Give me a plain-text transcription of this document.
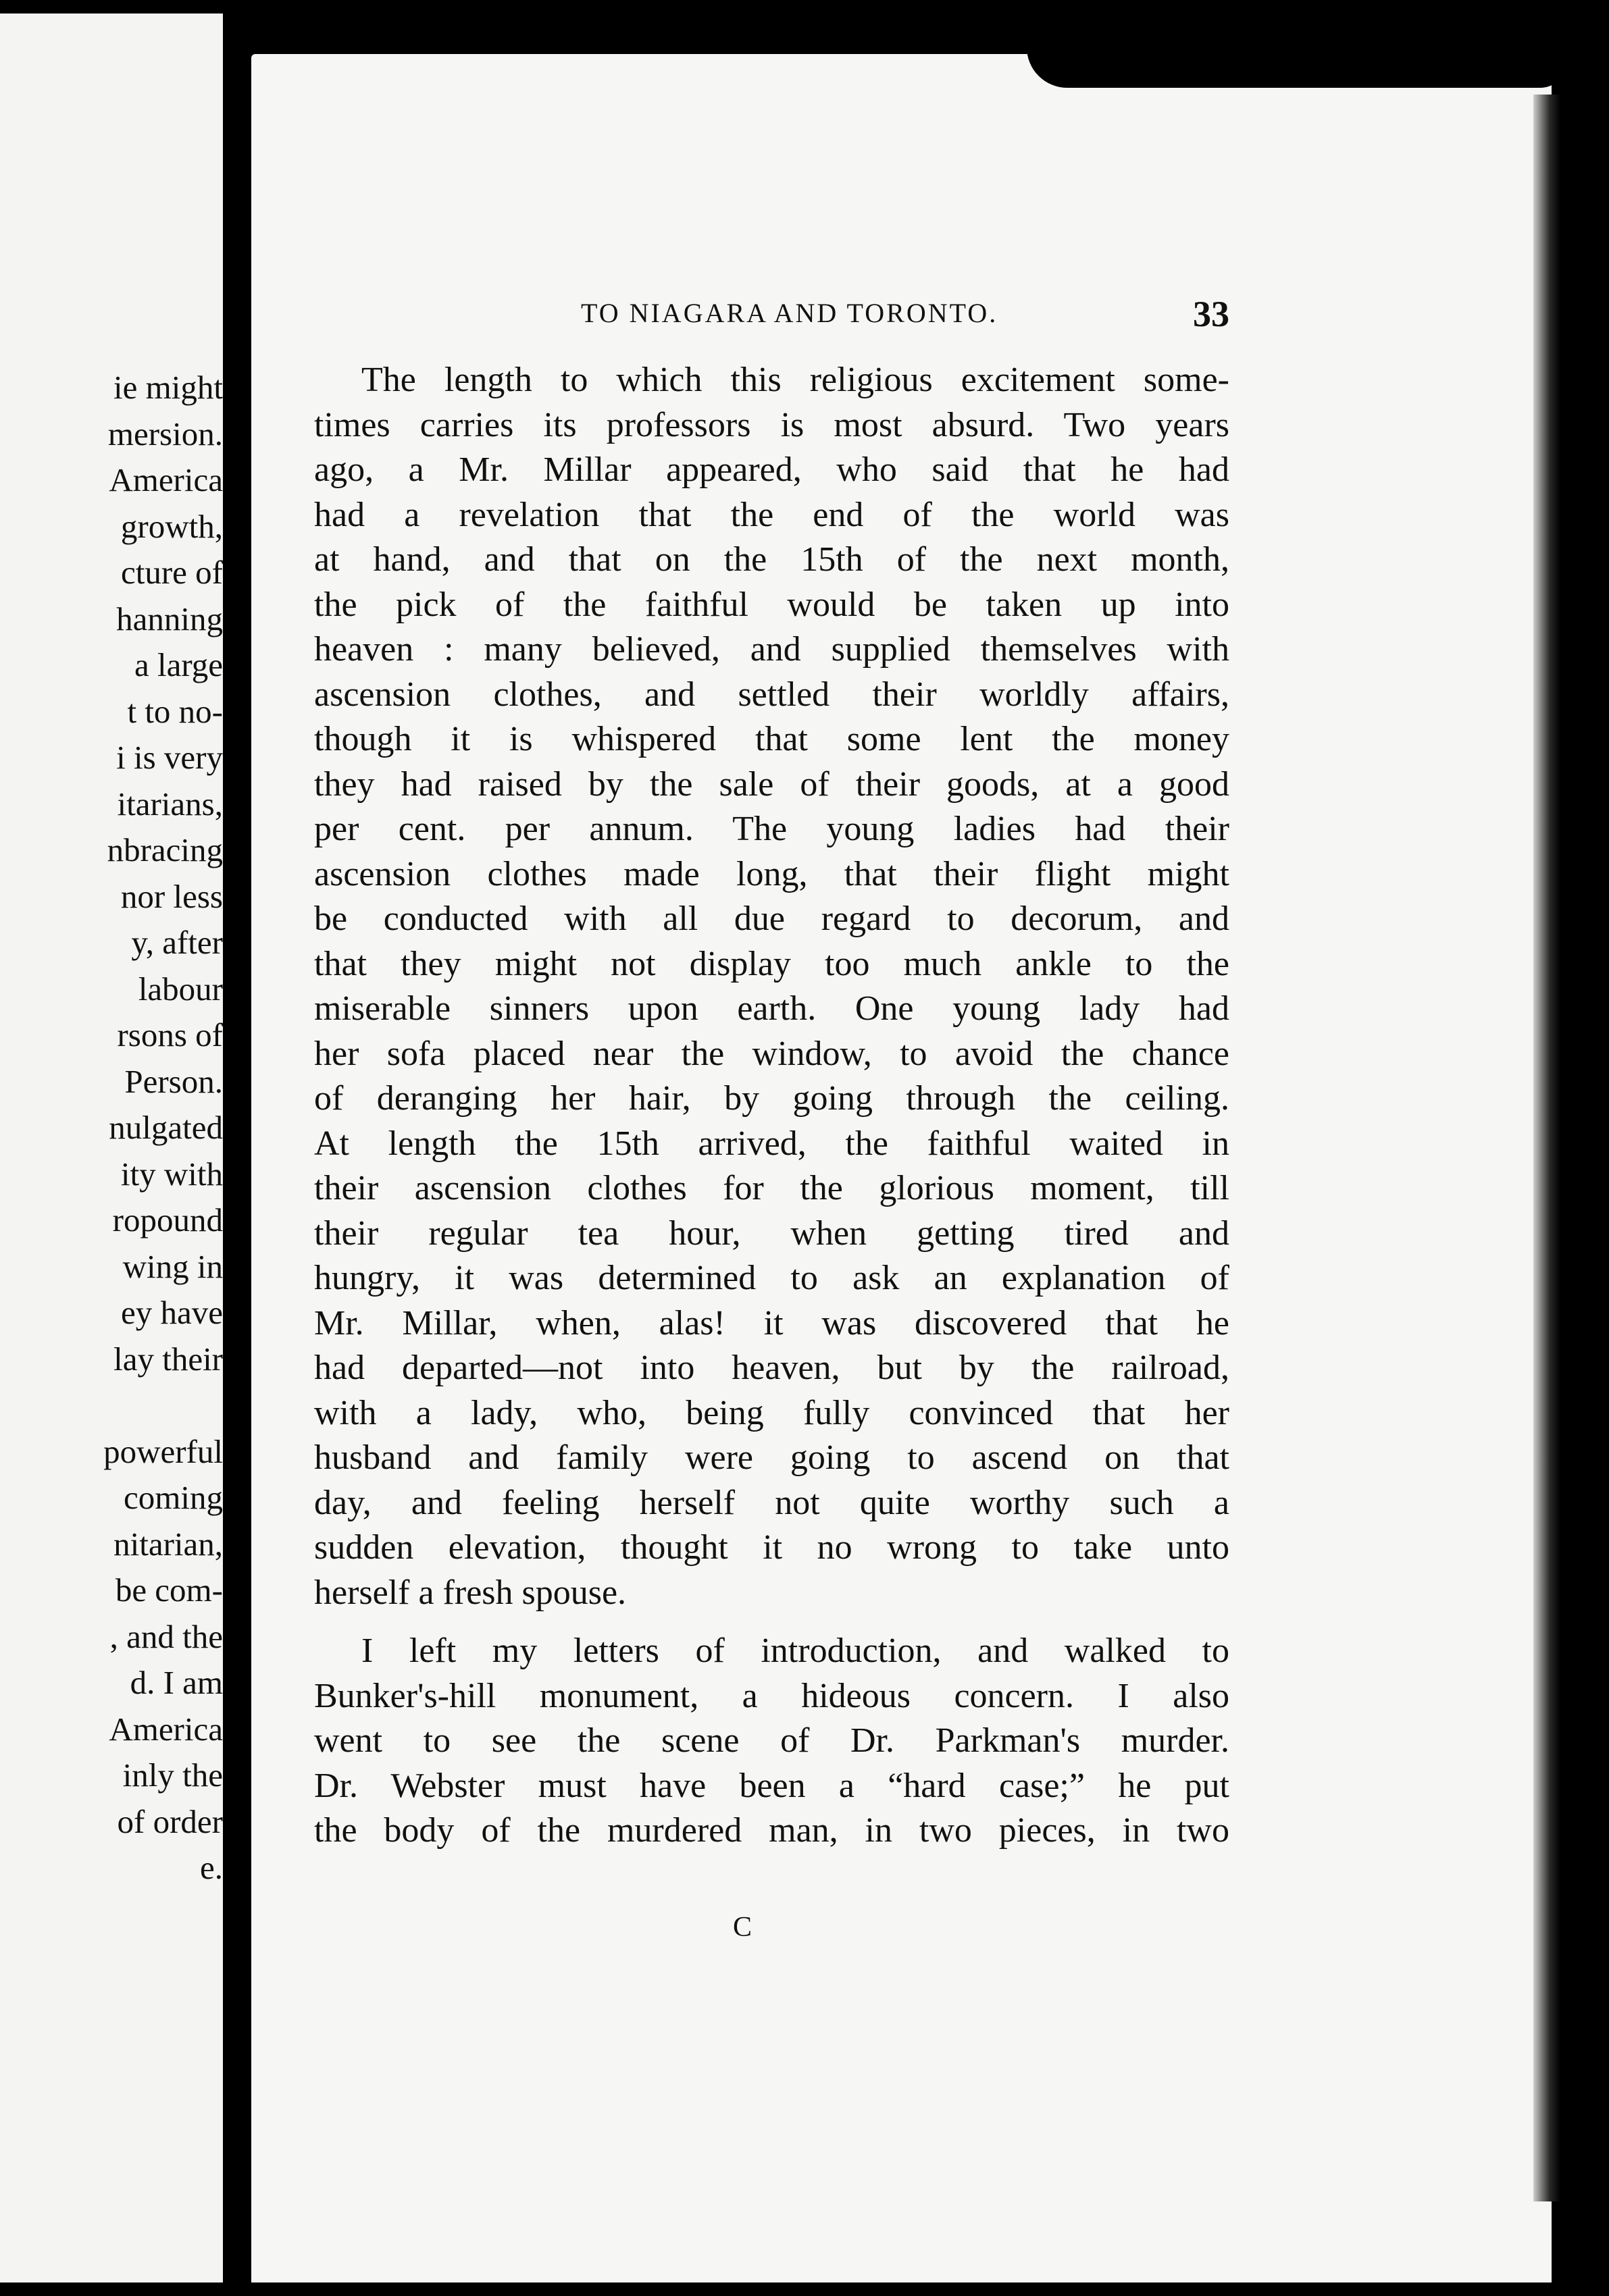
ie might
mersion.
America
growth,
cture of
hanning
a large
t to no-
i is very
itarians,
nbracing
nor less
y, after
labour
rsons of
Person.
nulgated
ity with
ropound
wing in
ey have
lay their
powerful
coming
nitarian,
be com-
, and the
d. I am
America
inly the
of order
e.
TO NIAGARA AND TORONTO.	33
The length to which this religious excitement some-
times carries its professors is most absurd. Two years
ago, a Mr. Millar appeared, who said that he had
had a revelation that the end of the world was
at hand, and that on the 15th of the next month,
the pick of the faithful would be taken up into
heaven : many believed, and supplied themselves with
ascension clothes, and settled their worldly affairs,
though it is whispered that some lent the money
they had raised by the sale of their goods, at a good
per cent. per annum. The young ladies had their
ascension clothes made long, that their flight might
be conducted with all due regard to decorum, and
that they might not display too much ankle to the
miserable sinners upon earth. One young lady had
her sofa placed near the window, to avoid the chance
of deranging her hair, by going through the ceiling.
At length the 15th arrived, the faithful waited in
their ascension clothes for the glorious moment, till
their regular tea hour, when getting tired and
hungry, it was determined to ask an explanation of
Mr. Millar, when, alas! it was discovered that he
had departed—not into heaven, but by the railroad,
with a lady, who, being fully convinced that her
husband and family were going to ascend on that
day, and feeling herself not quite worthy such a
sudden elevation, thought it no wrong to take unto
herself a fresh spouse.
I left my letters of introduction, and walked to
Bunker's-hill monument, a hideous concern. I also
went to see the scene of Dr. Parkman's murder.
Dr. Webster must have been a “hard case;” he put
the body of the murdered man, in two pieces, in two
C
